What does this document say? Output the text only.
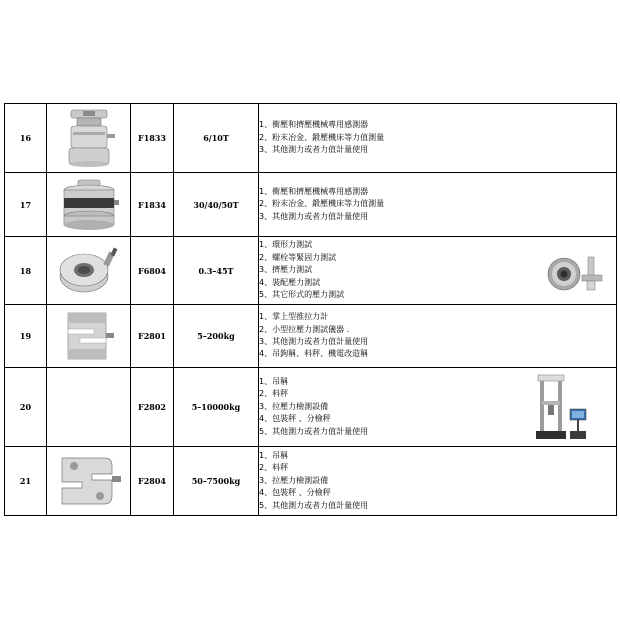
16		F1833	6/10T	1、衝壓和擠壓機械專用感測器
2、粉末冶金、鍛壓機床等力值測量
3、其他測力或者力值計量使用

17		F1834	30/40/50T	1、衝壓和擠壓機械專用感測器
2、粉末冶金、鍛壓機床等力值測量
3、其他測力或者力值計量使用

18		F6804	0.3–45T	1、環形力測試
2、螺栓等緊固力測試
3、擠壓力測試
4、裝配壓力測試
5、其它形式的壓力測試

19		F2801	5–200kg	1、掌上型推拉力計
2、小型拉壓力測試儀器 .
3、其他測力或者力值計量使用
4、吊鉤稱、料秤、機電改造稱

20		F2802	5–10000kg	1、吊稱
2、料秤
3、拉壓力檢測設備
4、包裝秤 、分檢秤
5、其他測力或者力值計量使用

21		F2804	50–7500kg	1、吊稱
2、料秤
3、拉壓力檢測設備
4、包裝秤 、分檢秤
5、其他測力或者力值計量使用
